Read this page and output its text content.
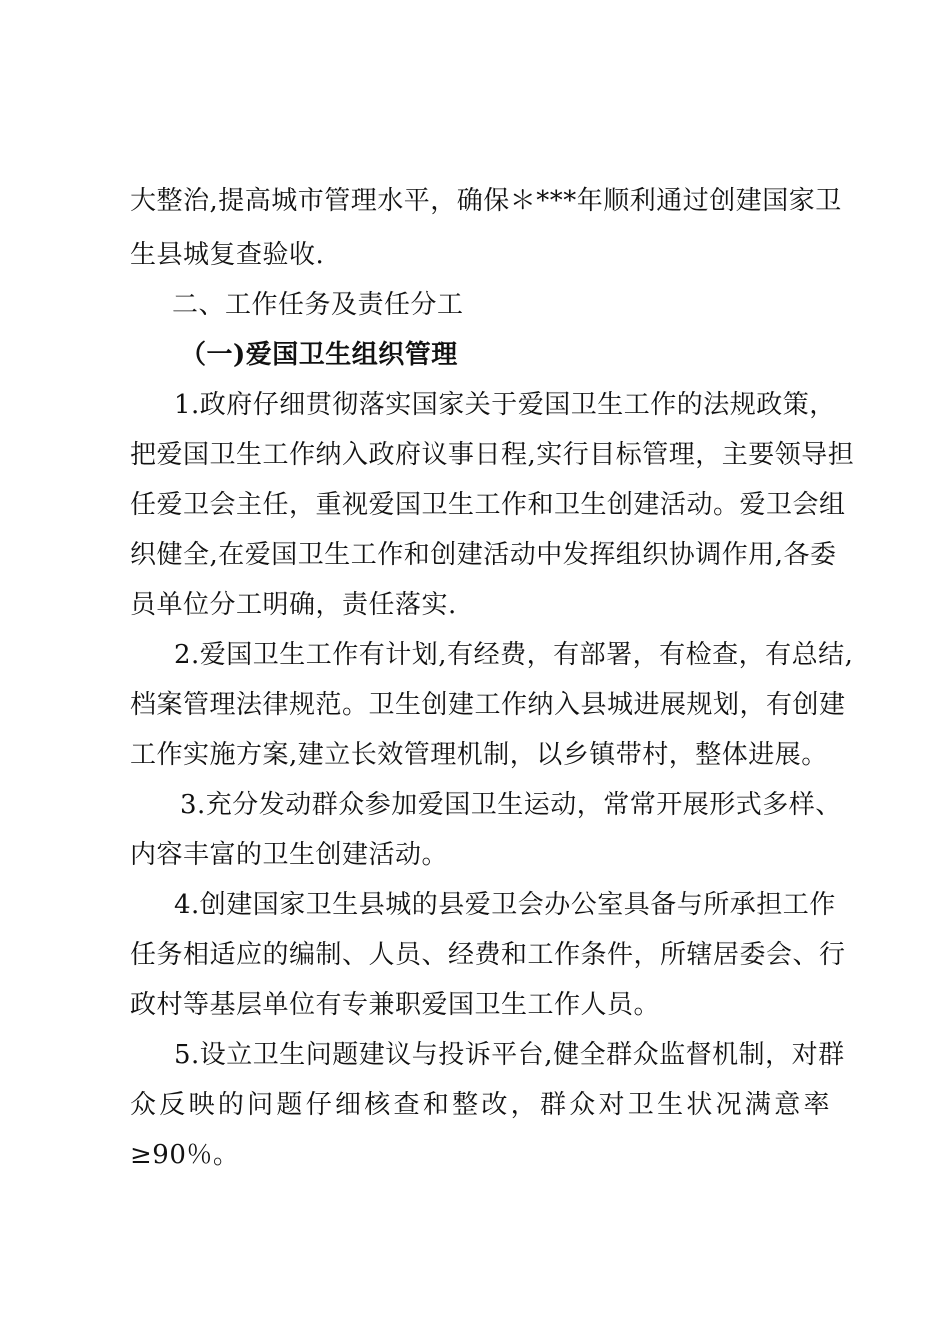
大整治,提高城市管理水平，确保＊***年顺利通过创建国家卫
生县城复查验收.
二、工作任务及责任分工
（一)爱国卫生组织管理
1.政府仔细贯彻落实国家关于爱国卫生工作的法规政策，
把爱国卫生工作纳入政府议事日程,实行目标管理，主要领导担
任爱卫会主任，重视爱国卫生工作和卫生创建活动。爱卫会组
织健全,在爱国卫生工作和创建活动中发挥组织协调作用,各委
员单位分工明确，责任落实.
2.爱国卫生工作有计划,有经费，有部署，有检查，有总结,
档案管理法律规范。卫生创建工作纳入县城进展规划，有创建
工作实施方案,建立长效管理机制，以乡镇带村，整体进展。
3.充分发动群众参加爱国卫生运动，常常开展形式多样、
内容丰富的卫生创建活动。
4.创建国家卫生县城的县爱卫会办公室具备与所承担工作
任务相适应的编制、人员、经费和工作条件，所辖居委会、行
政村等基层单位有专兼职爱国卫生工作人员。
5.设立卫生问题建议与投诉平台,健全群众监督机制，对群
众反映的问题仔细核查和整改，群众对卫生状况满意率
≥90％。
